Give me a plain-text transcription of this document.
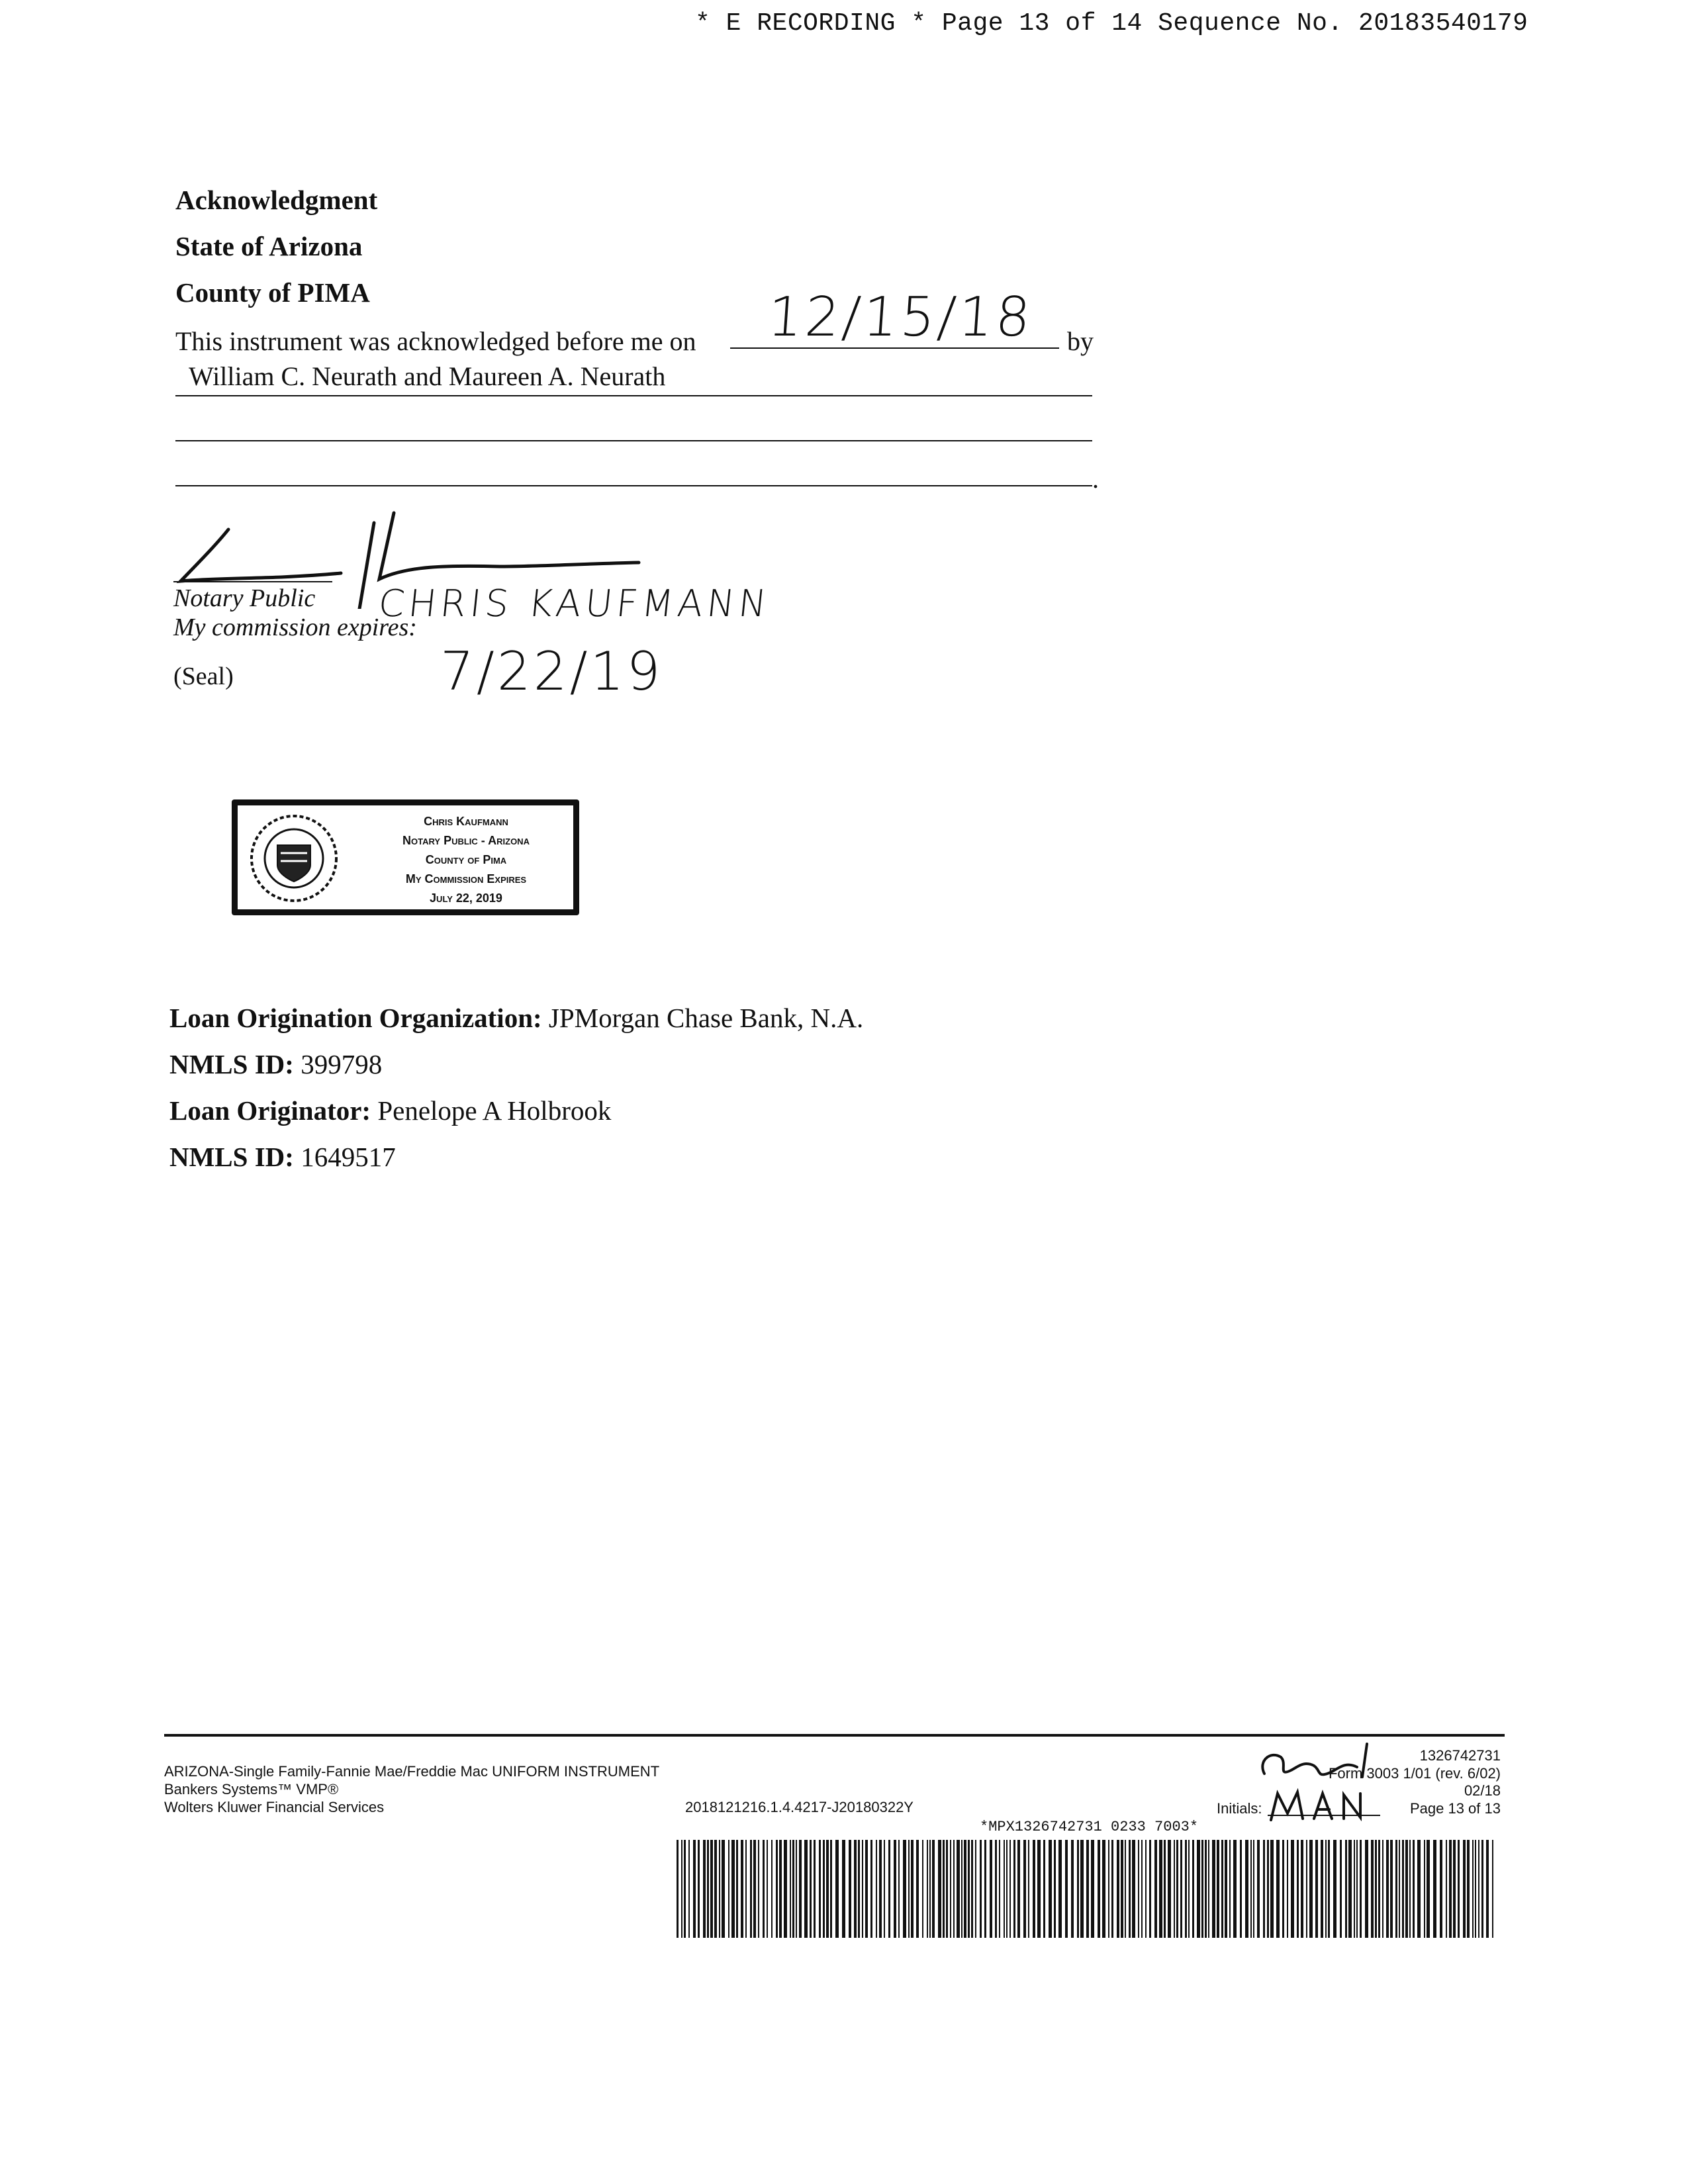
* E RECORDING * Page 13 of 14 Sequence No. 20183540179
Acknowledgment
State of Arizona
County of PIMA
This instrument was acknowledged before me on 12/15/18 by
William C. Neurath and Maureen A. Neurath
.
Notary Public
My commission expires:
CHRIS KAUFMANN
(Seal)	7/22/19
Chris Kaufmann
Notary Public - Arizona
County of Pima
My Commission Expires
July 22, 2019
Loan Origination Organization: JPMorgan Chase Bank, N.A.
NMLS ID: 399798
Loan Originator: Penelope A Holbrook
NMLS ID: 1649517
ARIZONA-Single Family-Fannie Mae/Freddie Mac UNIFORM INSTRUMENT
Bankers Systems™ VMP®
Wolters Kluwer Financial Services	2018121216.1.4.4217-J20180322Y
1326742731
Form 3003 1/01 (rev. 6/02)
02/18
Initials:	Page 13 of 13
*MPX1326742731 0233 7003*
